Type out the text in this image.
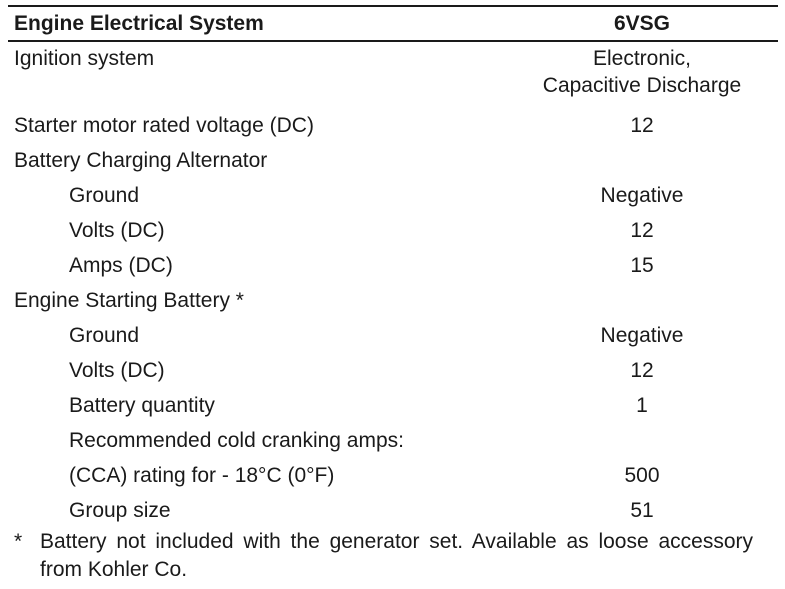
Engine Electrical System	6VSG
Ignition system	Electronic,
Capacitive Discharge
Starter motor rated voltage (DC)	12
Battery Charging Alternator
Ground	Negative
Volts (DC)	12
Amps (DC)	15
Engine Starting Battery *
Ground	Negative
Volts (DC)	12
Battery quantity	1
Recommended cold cranking amps:
(CCA) rating for - 18°C (0°F)	500
Group size	51
* Battery not included with the generator set. Available as loose accessory from Kohler Co.
